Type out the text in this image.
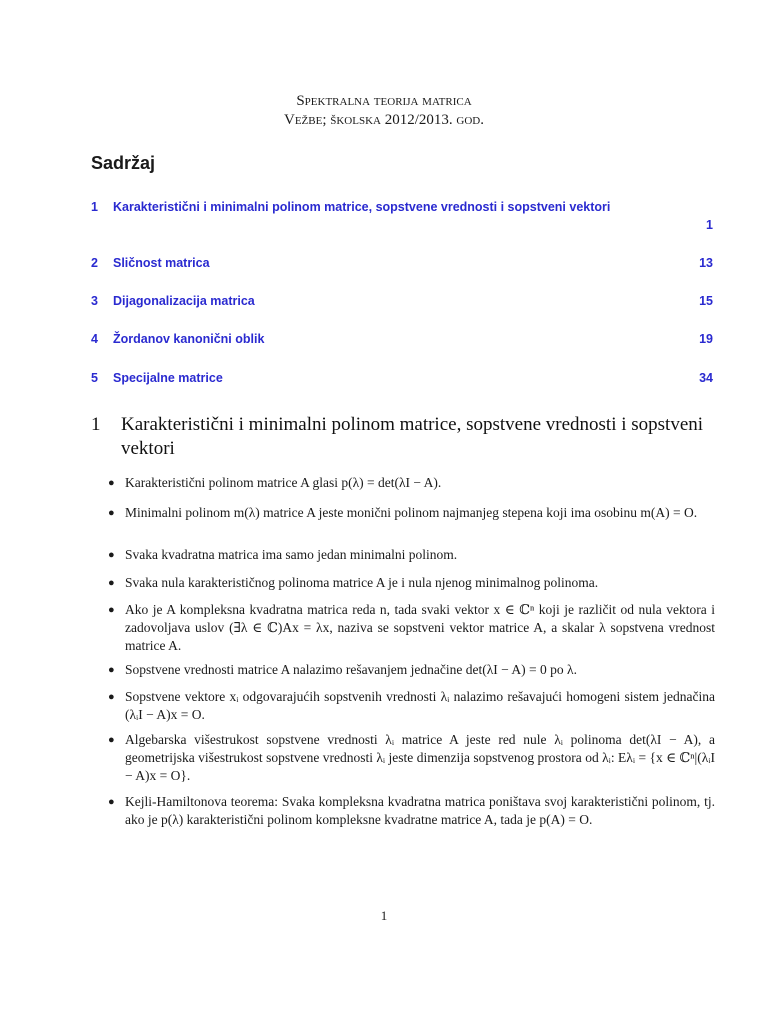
Spektralna teorija matrica
Vežbe; školska 2012/2013. god.
Sadržaj
1 Karakteristični i minimalni polinom matrice, sopstvene vrednosti i sopstveni vektori
1
2 Sličnost matrica	13
3 Dijagonalizacija matrica	15
4 Žordanov kanonični oblik	19
5 Specijalne matrice	34
1 Karakteristični i minimalni polinom matrice, sopstvene vrednosti i sopstveni vektori
● Karakteristični polinom matrice A glasi p(λ) = det(λI − A).
● Minimalni polinom m(λ) matrice A jeste monični polinom najmanjeg stepena koji ima osobinu m(A) = O.
● Svaka kvadratna matrica ima samo jedan minimalni polinom.
● Svaka nula karakterističnog polinoma matrice A je i nula njenog minimalnog polinoma.
● Ako je A kompleksna kvadratna matrica reda n, tada svaki vektor x ∈ ℂⁿ koji je različit od nula vektora i zadovoljava uslov (∃λ ∈ ℂ)Ax = λx, naziva se sopstveni vektor matrice A, a skalar λ sopstvena vrednost matrice A.
● Sopstvene vrednosti matrice A nalazimo rešavanjem jednačine det(λI − A) = 0 po λ.
● Sopstvene vektore xᵢ odgovarajućih sopstvenih vrednosti λᵢ nalazimo rešavajući homogeni sistem jednačina (λᵢI − A)x = O.
● Algebarska višestrukost sopstvene vrednosti λᵢ matrice A jeste red nule λᵢ polinoma det(λI − A), a geometrijska višestrukost sopstvene vrednosti λᵢ jeste dimenzija sopstvenog prostora od λᵢ: Eλᵢ = {x ∈ ℂⁿ|(λᵢI − A)x = O}.
● Kejli-Hamiltonova teorema: Svaka kompleksna kvadratna matrica poništava svoj karakteristični polinom, tj. ako je p(λ) karakteristični polinom kompleksne kvadratne matrice A, tada je p(A) = O.
1
